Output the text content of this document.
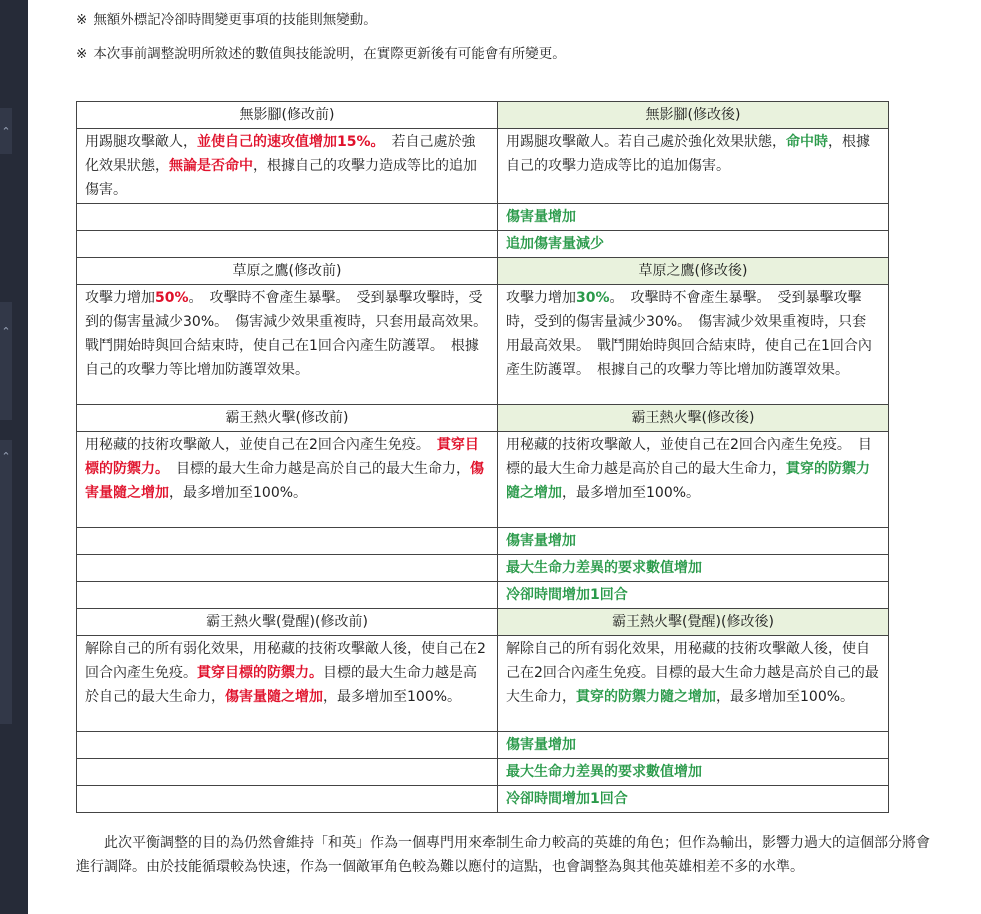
⌃
⌃
⌃
※ 無額外標記冷卻時間變更事項的技能則無變動。
※ 本次事前調整說明所敘述的數值與技能說明，在實際更新後有可能會有所變更。
無影腳(修改前)	無影腳(修改後)
用踢腿攻擊敵人，並使自己的速攻值增加15%。　若自己處於強化效果狀態，無論是否命中，根據自己的攻擊力造成等比的追加傷害。	用踢腿攻擊敵人。若自己處於強化效果狀態，命中時，根據自己的攻擊力造成等比的追加傷害。
	傷害量增加
	追加傷害量減少
草原之鷹(修改前)	草原之鷹(修改後)
攻擊力增加50%。　攻擊時不會產生暴擊。　受到暴擊攻擊時，受到的傷害量減少30%。　傷害減少效果重複時，只套用最高效果。　戰鬥開始時與回合結束時，使自己在1回合內產生防護罩。　根據自己的攻擊力等比增加防護罩效果。	攻擊力增加30%。　攻擊時不會產生暴擊。　受到暴擊攻擊時，受到的傷害量減少30%。　傷害減少效果重複時，只套用最高效果。　戰鬥開始時與回合結束時，使自己在1回合內產生防護罩。　根據自己的攻擊力等比增加防護罩效果。
霸王熱火擊(修改前)	霸王熱火擊(修改後)
用秘藏的技術攻擊敵人，並使自己在2回合內產生免疫。　貫穿目標的防禦力。　目標的最大生命力越是高於自己的最大生命力，傷害量隨之增加，最多增加至100%。	用秘藏的技術攻擊敵人，並使自己在2回合內產生免疫。　目標的最大生命力越是高於自己的最大生命力，貫穿的防禦力隨之增加，最多增加至100%。
	傷害量增加
	最大生命力差異的要求數值增加
	冷卻時間增加1回合
霸王熱火擊(覺醒)(修改前)	霸王熱火擊(覺醒)(修改後)
解除自己的所有弱化效果，用秘藏的技術攻擊敵人後，使自己在2回合內產生免疫。貫穿目標的防禦力。目標的最大生命力越是高於自己的最大生命力，傷害量隨之增加，最多增加至100%。	解除自己的所有弱化效果，用秘藏的技術攻擊敵人後，使自己在2回合內產生免疫。目標的最大生命力越是高於自己的最大生命力，貫穿的防禦力隨之增加，最多增加至100%。
	傷害量增加
	最大生命力差異的要求數值增加
	冷卻時間增加1回合
此次平衡調整的目的為仍然會維持「和英」作為一個專門用來牽制生命力較高的英雄的角色；但作為輸出，影響力過大的這個部分將會進行調降。由於技能循環較為快速，作為一個敵軍角色較為難以應付的這點，也會調整為與其他英雄相差不多的水準。
